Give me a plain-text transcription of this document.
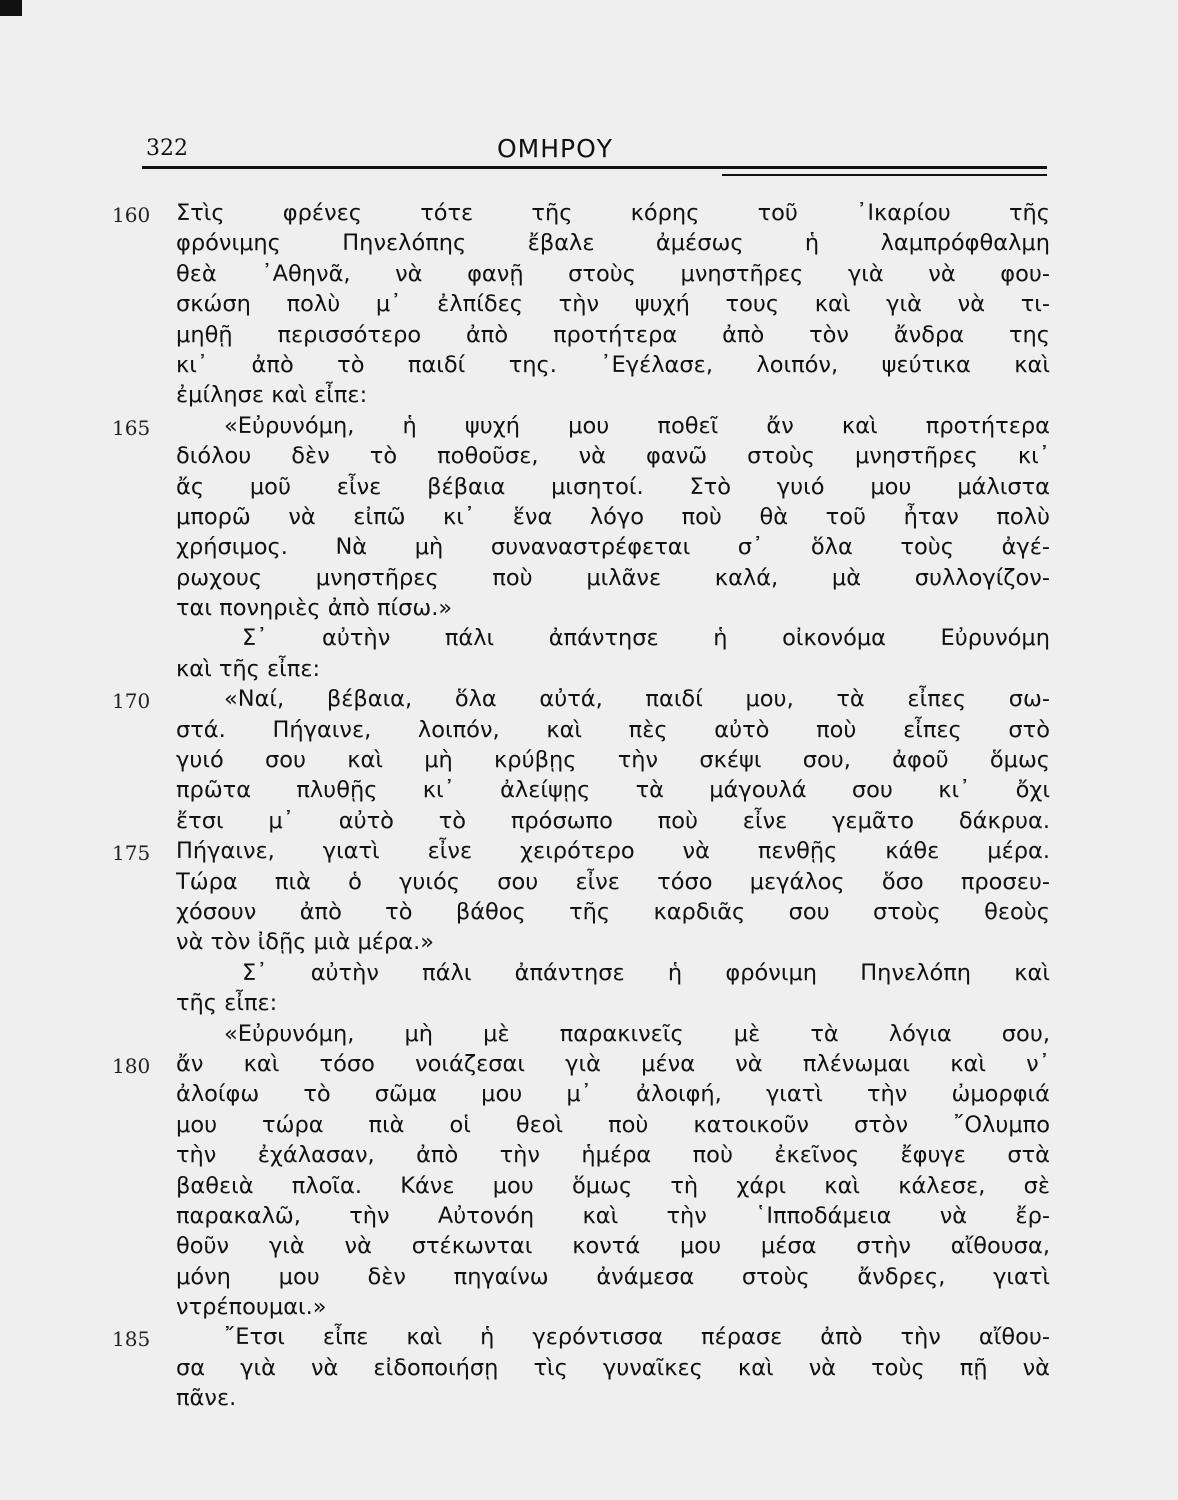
322	ΟΜΗΡΟΥ
160	Στὶς φρένες τότε τῆς κόρης τοῦ ᾿Ικαρίου τῆς
φρόνιμης Πηνελόπης ἔβαλε ἀμέσως ἡ λαμπρόφθαλμη
θεὰ ᾿Αθηνᾶ, νὰ φανῇ στοὺς μνηστῆρες γιὰ νὰ φου-
σκώση πολὺ μ᾿ ἐλπίδες τὴν ψυχή τους καὶ γιὰ νὰ τι-
μηθῇ περισσότερο ἀπὸ προτήτερα ἀπὸ τὸν ἄνδρα της
κι᾿ ἀπὸ τὸ παιδί της. ᾿Εγέλασε, λοιπόν, ψεύτικα καὶ
ἐμίλησε καὶ εἶπε:
165	«Εὐρυνόμη, ἡ ψυχή μου ποθεῖ ἄν καὶ προτήτερα
διόλου δὲν τὸ ποθοῦσε, νὰ φανῶ στοὺς μνηστῆρες κι᾿
ἄς μοῦ εἶνε βέβαια μισητοί. Στὸ γυιό μου μάλιστα
μπορῶ νὰ εἰπῶ κι᾿ ἕνα λόγο ποὺ θὰ τοῦ ἦταν πολὺ
χρήσιμος. Νὰ μὴ συναναστρέφεται σ᾿ ὅλα τοὺς ἀγέ-
ρωχους μνηστῆρες ποὺ μιλᾶνε καλά, μὰ συλλογίζον-
ται πονηριὲς ἀπὸ πίσω.»
Σ᾿ αὐτὴν πάλι ἀπάντησε ἡ οἰκονόμα Εὐρυνόμη
καὶ τῆς εἶπε:
170	«Ναί, βέβαια, ὅλα αὐτά, παιδί μου, τὰ εἶπες σω-
στά. Πήγαινε, λοιπόν, καὶ πὲς αὐτὸ ποὺ εἶπες στὸ
γυιό σου καὶ μὴ κρύβῃς τὴν σκέψι σου, ἀφοῦ ὅμως
πρῶτα πλυθῇς κι᾿ ἀλείψῃς τὰ μάγουλά σου κι᾿ ὄχι
ἔτσι μ᾿ αὐτὸ τὸ πρόσωπο ποὺ εἶνε γεμᾶτο δάκρυα.
175	Πήγαινε, γιατὶ εἶνε χειρότερο νὰ πενθῇς κάθε μέρα.
Τώρα πιὰ ὁ γυιός σου εἶνε τόσο μεγάλος ὅσο προσευ-
χόσουν ἀπὸ τὸ βάθος τῆς καρδιᾶς σου στοὺς θεοὺς
νὰ τὸν ἰδῇς μιὰ μέρα.»
Σ᾿ αὐτὴν πάλι ἀπάντησε ἡ φρόνιμη Πηνελόπη καὶ
τῆς εἶπε:
«Εὐρυνόμη, μὴ μὲ παρακινεῖς μὲ τὰ λόγια σου,
180	ἄν καὶ τόσο νοιάζεσαι γιὰ μένα νὰ πλένωμαι καὶ ν᾿
ἀλοίφω τὸ σῶμα μου μ᾿ ἀλοιφή, γιατὶ τὴν ὠμορφιά
μου τώρα πιὰ οἱ θεοὶ ποὺ κατοικοῦν στὸν ῎Ολυμπο
τὴν ἐχάλασαν, ἀπὸ τὴν ἡμέρα ποὺ ἐκεῖνος ἔφυγε στὰ
βαθειὰ πλοῖα. Κάνε μου ὅμως τὴ χάρι καὶ κάλεσε, σὲ
παρακαλῶ, τὴν Αὐτονόη καὶ τὴν ῾Ιπποδάμεια νὰ ἔρ-
θοῦν γιὰ νὰ στέκωνται κοντά μου μέσα στὴν αἴθουσα,
μόνη μου δὲν πηγαίνω ἀνάμεσα στοὺς ἄνδρες, γιατὶ
ντρέπουμαι.»
185	῎Ετσι εἶπε καὶ ἡ γερόντισσα πέρασε ἀπὸ τὴν αἴθου-
σα γιὰ νὰ εἰδοποιήσῃ τὶς γυναῖκες καὶ νὰ τοὺς πῇ νὰ
πᾶνε.
